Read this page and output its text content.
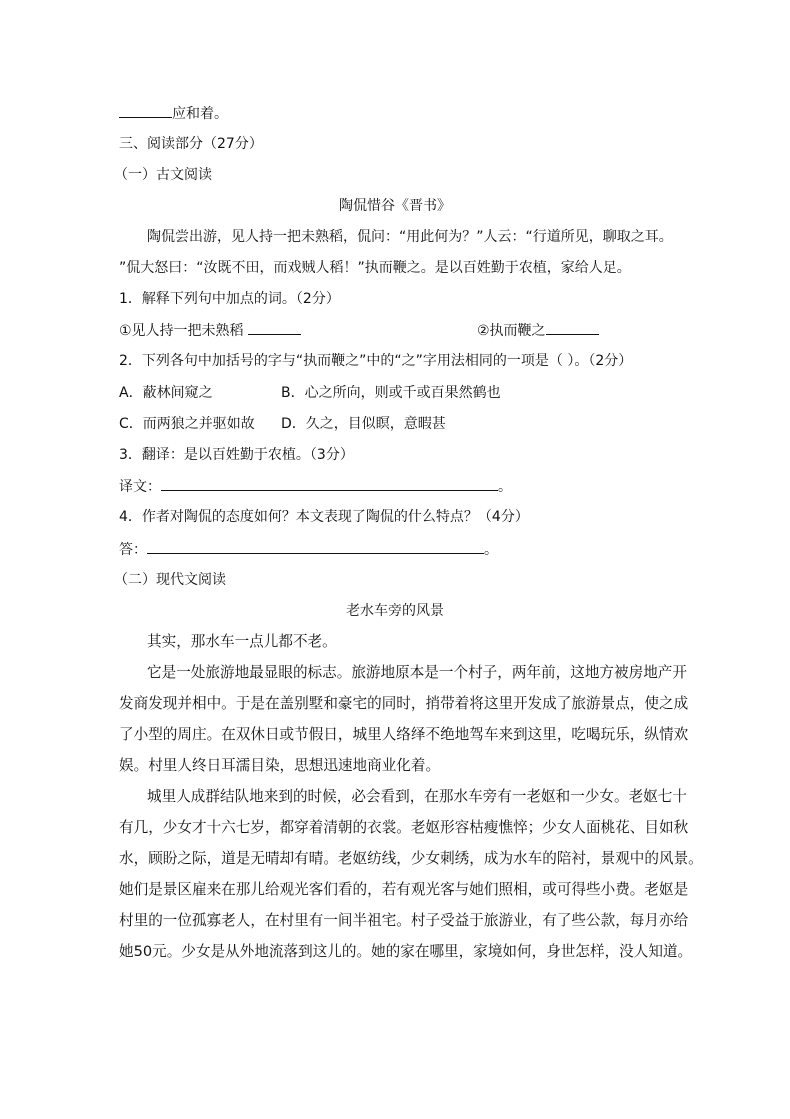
应和着。
三、阅读部分（27分）
（一）古文阅读
陶侃惜谷《晋书》
陶侃尝出游，见人持一把未熟稻，侃问：“用此何为？”人云：“行道所见，聊取之耳。
”侃大怒曰：“汝既不田，而戏贼人稻！”执而鞭之。是以百姓勤于农植，家给人足。
1．解释下列句中加点的词。（2分）
①见人持一把未熟稻	②执而鞭之
2．下列各句中加括号的字与“执而鞭之”中的“之”字用法相同的一项是（ ）。（2分）
A．蔽林间窥之	B．心之所向，则或千或百果然鹤也
C．而两狼之并驱如故 D．久之，目似瞑，意暇甚
3．翻译：是以百姓勤于农植。（3分）
译文：	。
4．作者对陶侃的态度如何？本文表现了陶侃的什么特点？（4分）
答：	。
（二）现代文阅读
老水车旁的风景
其实，那水车一点儿都不老。
它是一处旅游地最显眼的标志。旅游地原本是一个村子，两年前，这地方被房地产开
发商发现并相中。于是在盖别墅和豪宅的同时，捎带着将这里开发成了旅游景点，使之成
了小型的周庄。在双休日或节假日，城里人络绎不绝地驾车来到这里，吃喝玩乐，纵情欢
娱。村里人终日耳濡目染，思想迅速地商业化着。
城里人成群结队地来到的时候，必会看到，在那水车旁有一老妪和一少女。老妪七十
有几，少女才十六七岁，都穿着清朝的衣裳。老妪形容枯瘦憔悴；少女人面桃花、目如秋
水，顾盼之际，道是无晴却有晴。老妪纺线，少女刺绣，成为水车的陪衬，景观中的风景。
她们是景区雇来在那儿给观光客们看的，若有观光客与她们照相，或可得些小费。老妪是
村里的一位孤寡老人，在村里有一间半祖宅。村子受益于旅游业，有了些公款，每月亦给
她50元。少女是从外地流落到这儿的。她的家在哪里，家境如何，身世怎样，没人知道。
